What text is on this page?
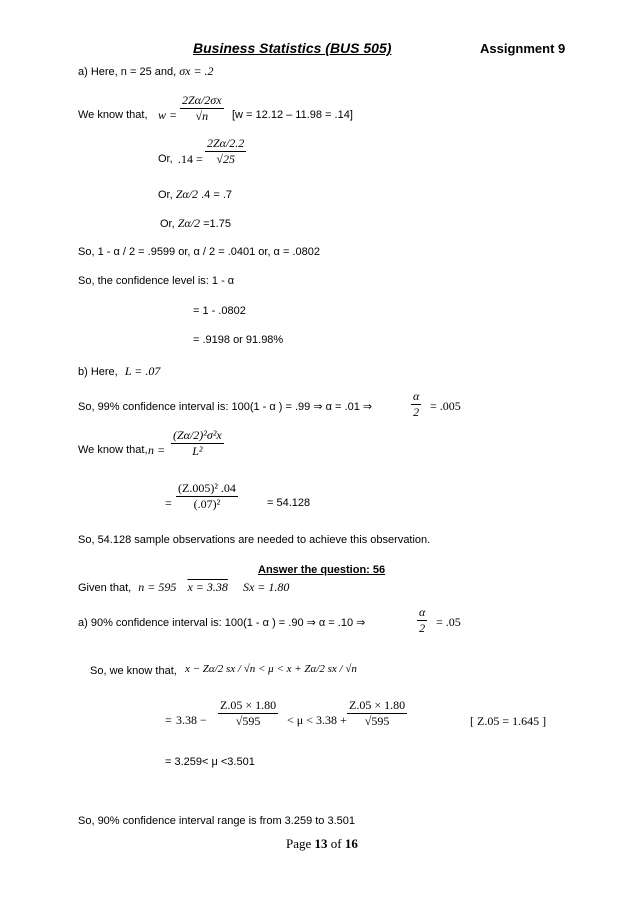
Business Statistics (BUS 505)	Assignment 9
a) Here, n = 25 and, σx = .2
We know that, $w = \frac{2Z\alpha/2\sigma x}{√n} [w = 12.12 - 11.98 = .14]$
Or, $.14 = \frac{2Z\alpha/2.2}{√25}$
Or, Zα/2 .4 = .7
Or, Zα/2 =1.75
So, 1 - α / 2 = .9599 or, α / 2 = .0401 or, α = .0802
So, the confidence level is: 1 - α
= 1 - .0802
= .9198 or 91.98%
b) Here, L = .07
So, 99% confidence interval is: 100(1 - α ) = .99 ⇒ α = .01 ⇒	$\frac{\alpha}{2} = .005$
We know that, $n = \frac{\text{(Zα/2)²σ²x}}{\text{L²}}$
= $\frac{\text{(Z.005)² .04}}{\text{(.07)²}}$	= 54.128
So, 54.128 sample observations are needed to achieve this observation.
Answer the question: 56
Given that, n = 595 x = 3.38 Sx = 1.80
a) 90% confidence interval is: 100(1 - α ) = .90 ⇒ α = .10 ⇒	$\frac{\alpha}{2} = .05$
So, we know that, x − Zα/2 sx / √n < μ < x + Zα/2 sx / √n
= $3.38 - \frac{Z.05 \times 1.80}{√595} < \mu < 3.38 + \frac{Z.05 \times 1.80}{√595}$	[ Z.05 = 1.645 ]
= 3.259< μ <3.501
So, 90% confidence interval range is from 3.259 to 3.501
Page 13 of 16
